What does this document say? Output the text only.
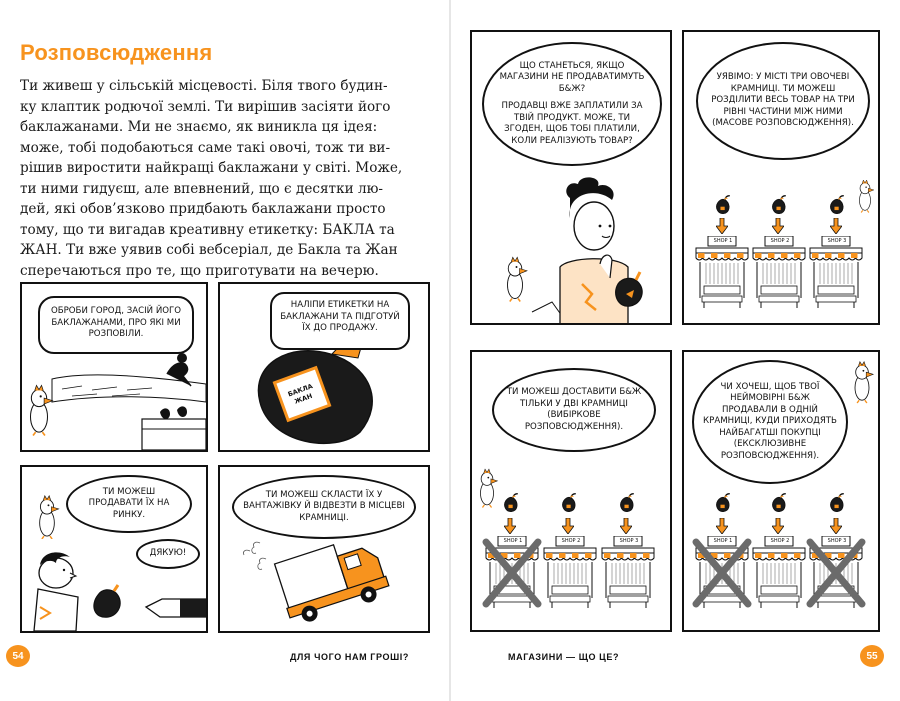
Розповсюдження
Ти живеш у сільській місцевості. Біля твого будин-
ку клаптик родючої землі. Ти вирішив засіяти його
баклажанами. Ми не знаємо, як виникла ця ідея:
може, тобі подобаються саме такі овочі, тож ти ви-
рішив виростити найкращі баклажани у світі. Може,
ти ними гидуєш, але впевнений, що є десятки лю-
дей, які обов’язково придбають баклажани просто
тому, що ти вигадав креативну етикетку: БАКЛА та
ЖАН. Ти вже уявив собі вебсеріал, де Бакла та Жан
сперечаються про те, що приготувати на вечерю.
ОБРОБИ ГОРОД, ЗАСІЙ ЙОГО БАКЛАЖАНАМИ, ПРО ЯКІ МИ РОЗПОВІЛИ.
БАКЛА ЖАН
НАЛІПИ ЕТИКЕТКИ НА БАКЛАЖАНИ ТА ПІДГОТУЙ ЇХ ДО ПРОДАЖУ.
ТИ МОЖЕШ ПРОДАВАТИ ЇХ НА РИНКУ.
ДЯКУЮ!
ТИ МОЖЕШ СКЛАСТИ ЇХ У ВАНТАЖІВКУ Й ВІДВЕЗТИ В МІСЦЕВІ КРАМНИЦІ.
54	ДЛЯ ЧОГО НАМ ГРОШІ?
ЩО СТАНЕТЬСЯ, ЯКЩО МАГАЗИНИ НЕ ПРОДАВАТИМУТЬ Б&Ж?
ПРОДАВЦІ ВЖЕ ЗАПЛАТИЛИ ЗА ТВІЙ ПРОДУКТ. МОЖЕ, ТИ ЗГОДЕН, ЩОБ ТОБІ ПЛАТИЛИ, КОЛИ РЕАЛІЗУЮТЬ ТОВАР?
SHOP 1	SHOP 2	SHOP 3
УЯВІМО: У МІСТІ ТРИ ОВОЧЕВІ КРАМНИЦІ. ТИ МОЖЕШ РОЗДІЛИТИ ВЕСЬ ТОВАР НА ТРИ РІВНІ ЧАСТИНИ МІЖ НИМИ (МАСОВЕ РОЗПОВСЮДЖЕННЯ).
SHOP 1	SHOP 2	SHOP 3
ТИ МОЖЕШ ДОСТАВИТИ Б&Ж ТІЛЬКИ У ДВІ КРАМНИЦІ (ВИБІРКОВЕ РОЗПОВСЮДЖЕННЯ).
SHOP 1	SHOP 2	SHOP 3
ЧИ ХОЧЕШ, ЩОБ ТВОЇ НЕЙМОВІРНІ Б&Ж ПРОДАВАЛИ В ОДНІЙ КРАМНИЦІ, КУДИ ПРИХОДЯТЬ НАЙБАГАТШІ ПОКУПЦІ (ЕКСКЛЮЗИВНЕ РОЗПОВСЮДЖЕННЯ).
МАГАЗИНИ — ЩО ЦЕ?	55
